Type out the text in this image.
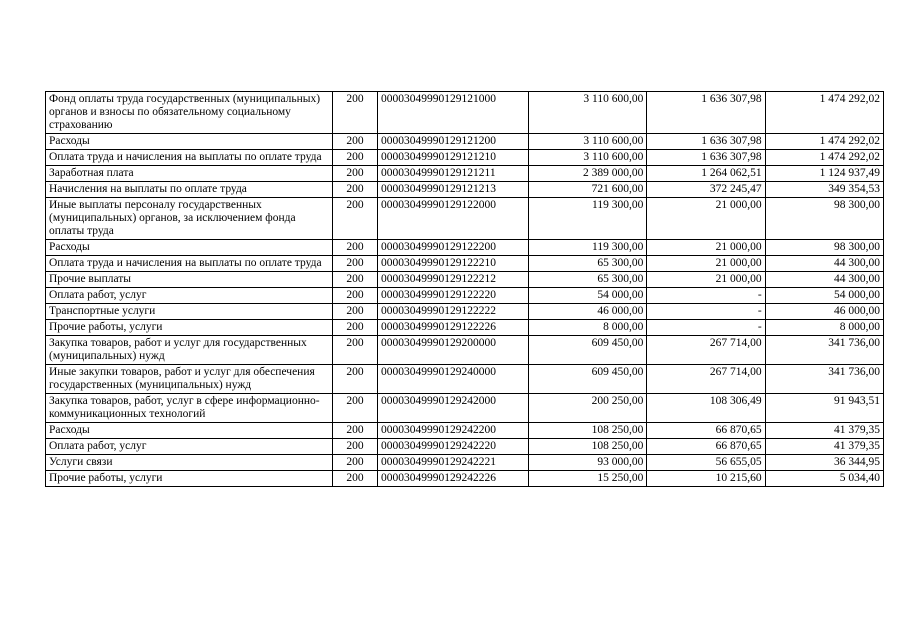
Фонд оплаты труда государственных (муниципальных) органов и взносы по обязательному социальному страхованию	200	00003049990129121000	3 110 600,00	1 636 307,98	1 474 292,02
Расходы	200	00003049990129121200	3 110 600,00	1 636 307,98	1 474 292,02
Оплата труда и начисления на выплаты по оплате труда	200	00003049990129121210	3 110 600,00	1 636 307,98	1 474 292,02
Заработная плата	200	00003049990129121211	2 389 000,00	1 264 062,51	1 124 937,49
Начисления на выплаты по оплате труда	200	00003049990129121213	721 600,00	372 245,47	349 354,53
Иные выплаты персоналу государственных (муниципальных) органов, за исключением фонда оплаты труда	200	00003049990129122000	119 300,00	21 000,00	98 300,00
Расходы	200	00003049990129122200	119 300,00	21 000,00	98 300,00
Оплата труда и начисления на выплаты по оплате труда	200	00003049990129122210	65 300,00	21 000,00	44 300,00
Прочие выплаты	200	00003049990129122212	65 300,00	21 000,00	44 300,00
Оплата работ, услуг	200	00003049990129122220	54 000,00	-	54 000,00
Транспортные услуги	200	00003049990129122222	46 000,00	-	46 000,00
Прочие работы, услуги	200	00003049990129122226	8 000,00	-	8 000,00
Закупка товаров, работ и услуг для государственных (муниципальных) нужд	200	00003049990129200000	609 450,00	267 714,00	341 736,00
Иные закупки товаров, работ и услуг для обеспечения государственных (муниципальных) нужд	200	00003049990129240000	609 450,00	267 714,00	341 736,00
Закупка товаров, работ, услуг в сфере информационно-коммуникационных технологий	200	00003049990129242000	200 250,00	108 306,49	91 943,51
Расходы	200	00003049990129242200	108 250,00	66 870,65	41 379,35
Оплата работ, услуг	200	00003049990129242220	108 250,00	66 870,65	41 379,35
Услуги связи	200	00003049990129242221	93 000,00	56 655,05	36 344,95
Прочие работы, услуги	200	00003049990129242226	15 250,00	10 215,60	5 034,40
